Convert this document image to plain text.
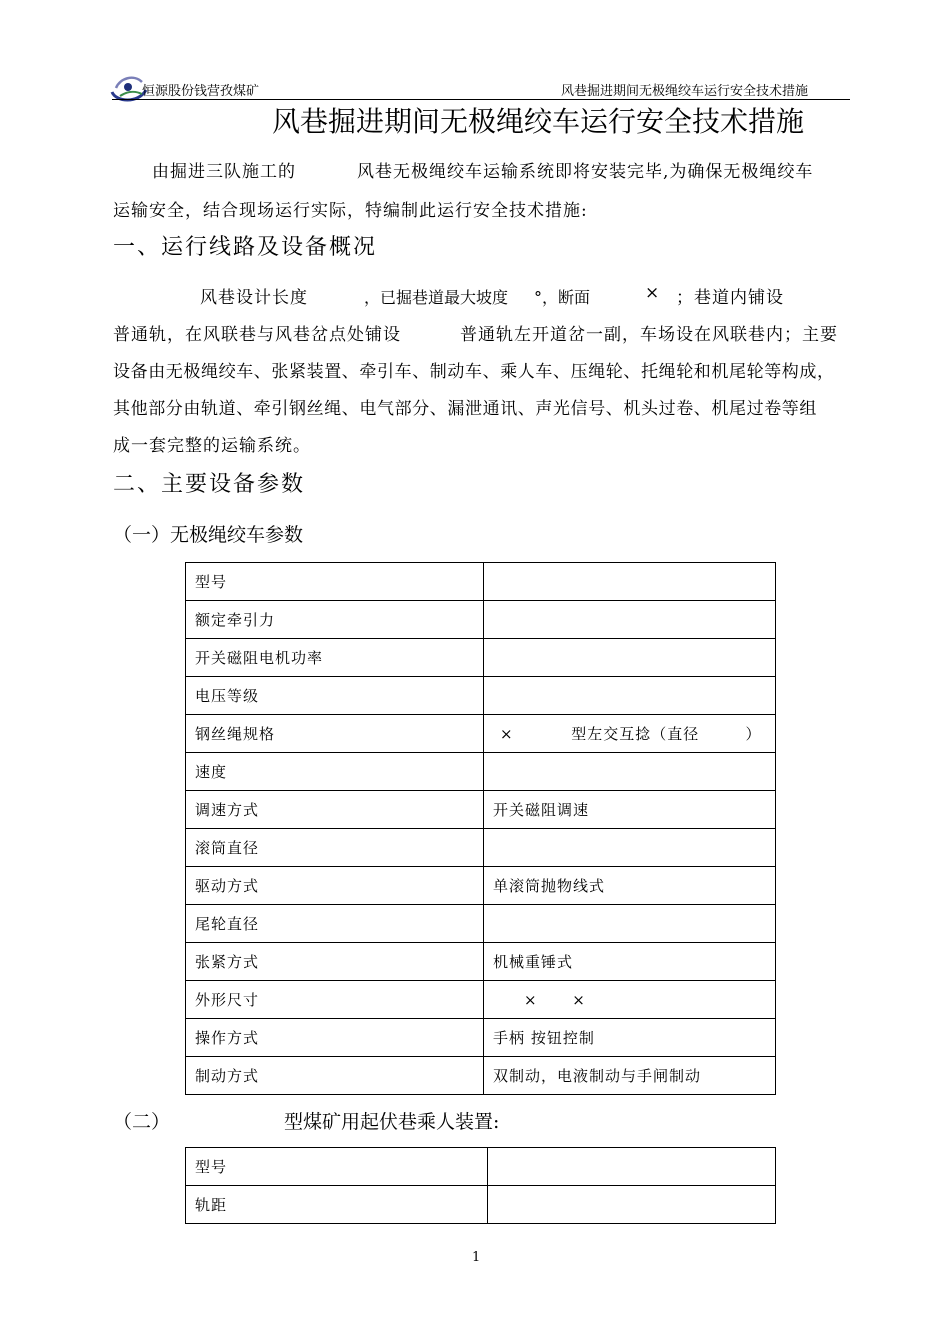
恒源股份钱营孜煤矿	风巷掘进期间无极绳绞车运行安全技术措施
风巷掘进期间无极绳绞车运行安全技术措施
由掘进三队施工的	风巷无极绳绞车运输系统即将安装完毕,为确保无极绳绞车
运输安全，结合现场运行实际，特编制此运行安全技术措施:
一、运行线路及设备概况
风巷设计长度	，已掘巷道最大坡度 °，断面	× ；巷道内铺设
普通轨，在风联巷与风巷岔点处铺设	普通轨左开道岔一副，车场设在风联巷内；主要
设备由无极绳绞车、张紧装置、牵引车、制动车、乘人车、压绳轮、托绳轮和机尾轮等构成，
其他部分由轨道、牵引钢丝绳、电气部分、漏泄通讯、声光信号、机头过卷、机尾过卷等组
成一套完整的运输系统。
二、主要设备参数
（一）无极绳绞车参数
型号	
额定牵引力	
开关磁阻电机功率	
电压等级	
钢丝绳规格	×          型左交互捻（直径        ）
速度	
调速方式	开关磁阻调速
滚筒直径	
驱动方式	单滚筒抛物线式
尾轮直径	
张紧方式	机械重锤式
外形尺寸	×      ×
操作方式	手柄 按钮控制
制动方式	双制动，电液制动与手闸制动
（二）	型煤矿用起伏巷乘人装置:
型号	
轨距	
1
